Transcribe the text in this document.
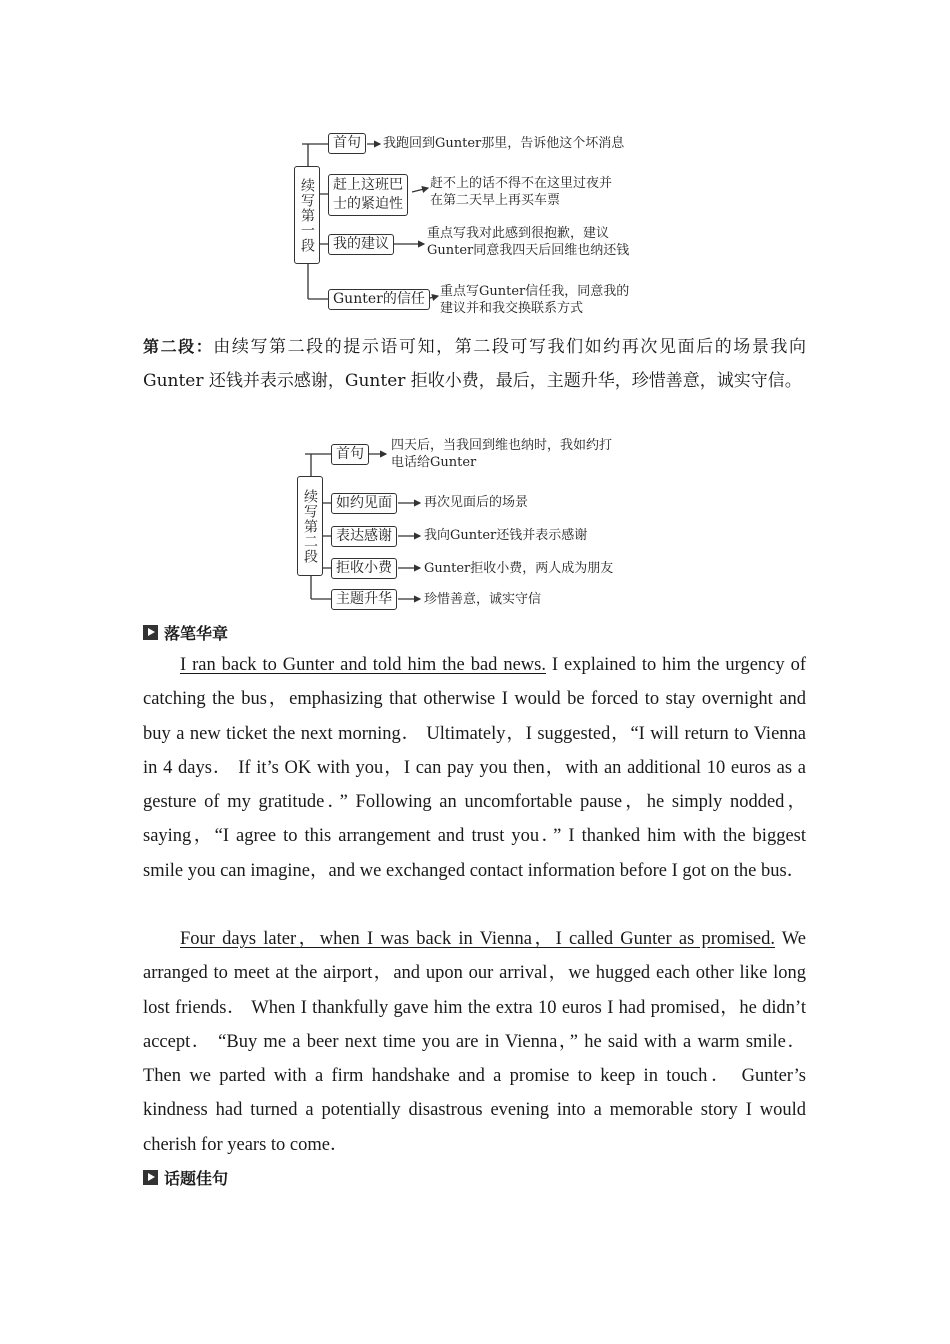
续写第一段
首句	我跑回到Gunter那里，告诉他这个坏消息
赶上这班巴
士的紧迫性
赶不上的话不得不在这里过夜并
在第二天早上再买车票
我的建议
重点写我对此感到很抱歉，建议
Gunter同意我四天后回维也纳还钱
Gunter的信任	重点写Gunter信任我，同意我的
建议并和我交换联系方式
第二段：由续写第二段的提示语可知，第二段可写我们如约再次见面后的场景我向 Gunter 还钱并表示感谢，Gunter 拒收小费，最后，主题升华，珍惜善意，诚实守信。
续写第二段
首句
四天后，当我回到维也纳时，我如约打
电话给Gunter
如约见面	再次见面后的场景
表达感谢	我向Gunter还钱并表示感谢
拒收小费	Gunter拒收小费，两人成为朋友
主题升华	珍惜善意，诚实守信
落笔华章
I ran back to Gunter and told him the bad news. I explained to him the urgency of catching the bus，emphasizing that otherwise I would be forced to stay overnight and buy a new ticket the next morning． Ultimately，I suggested，“I will return to Vienna in 4 days． If it’s OK with you，I can pay you then，with an additional 10 euros as a gesture of my gratitude．” Following an uncomfortable pause，he simply nodded，saying，“I agree to this arrangement and trust you．” I thanked him with the biggest smile you can imagine，and we exchanged contact information before I got on the bus．
Four days later，when I was back in Vienna，I called Gunter as promised. We arranged to meet at the airport，and upon our arrival，we hugged each other like long lost friends． When I thankfully gave him the extra 10 euros I had promised，he didn’t accept． “Buy me a beer next time you are in Vienna，” he said with a warm smile． Then we parted with a firm handshake and a promise to keep in touch． Gunter’s kindness had turned a potentially disastrous evening into a memorable story I would cherish for years to come．
话题佳句
